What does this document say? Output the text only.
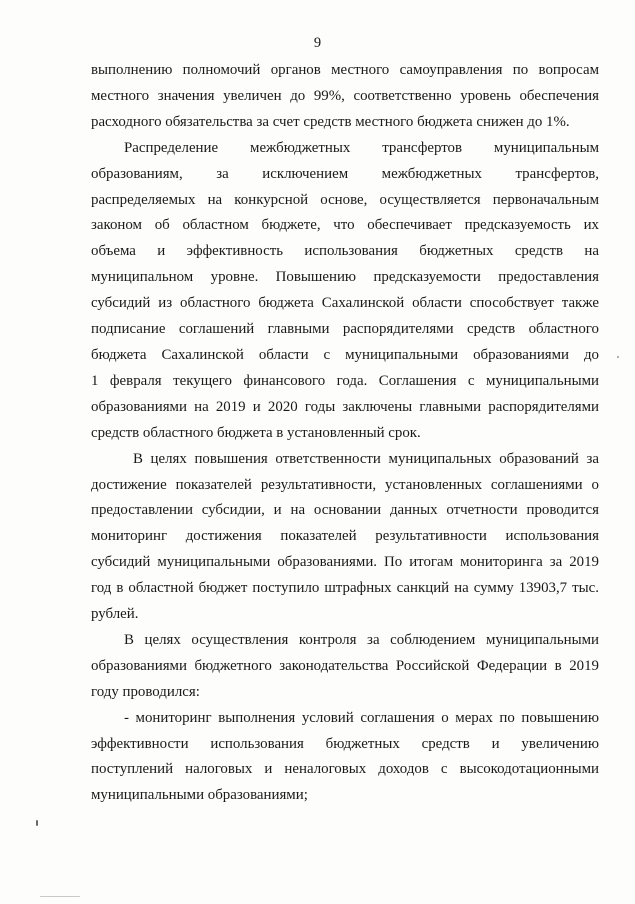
9

выполнению полномочий органов местного самоуправления по вопросам

местного значения увеличен до 99%, соответственно уровень обеспечения

расходного обязательства за счет средств местного бюджета снижен до 1%.

Распределение межбюджетных трансфертов муниципальным

образованиям, за исключением межбюджетных трансфертов,

распределяемых на конкурсной основе, осуществляется первоначальным

законом об областном бюджете, что обеспечивает предсказуемость их

объема и эффективность использования бюджетных средств на

муниципальном уровне. Повышению предсказуемости предоставления

субсидий из областного бюджета Сахалинской области способствует также

подписание соглашений главными распорядителями средств областного

бюджета Сахалинской области с муниципальными образованиями до

1 февраля текущего финансового года. Соглашения с муниципальными

образованиями на 2019 и 2020 годы заключены главными распорядителями

средств областного бюджета в установленный срок.

В целях повышения ответственности муниципальных образований за

достижение показателей результативности, установленных соглашениями о

предоставлении субсидии, и на основании данных отчетности проводится

мониторинг достижения показателей результативности использования

субсидий муниципальными образованиями. По итогам мониторинга за 2019

год в областной бюджет поступило штрафных санкций на сумму 13903,7 тыс.

рублей.

В целях осуществления контроля за соблюдением муниципальными

образованиями бюджетного законодательства Российской Федерации в 2019

году проводился:

- мониторинг выполнения условий соглашения о мерах по повышению

эффективности использования бюджетных средств и увеличению

поступлений налоговых и неналоговых доходов с высокодотационными

муниципальными образованиями;
